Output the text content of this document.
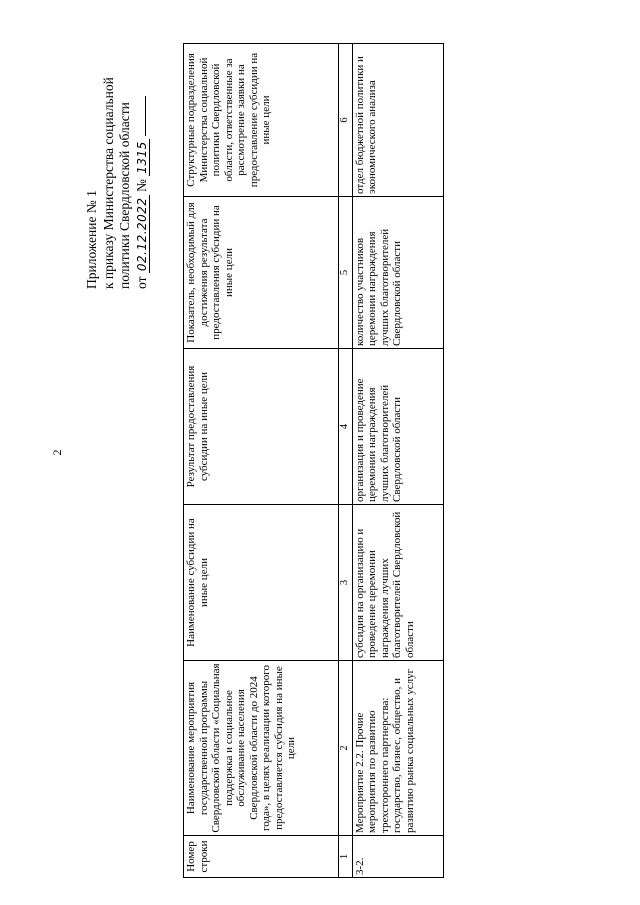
2
Приложение № 1 к приказу Министерства социальной политики Свердловской области от 02.12.2022 № 1315
Номер строки	Наименование мероприятия государственной программы Свердловской области «Социальная поддержка и социальное обслуживание населения Свердловской области до 2024 года», в целях реализации которого предоставляется субсидия на иные цели	Наименование субсидии на иные цели	Результат предоставления субсидии на иные цели	Показатель, необходимый для достижения результата предоставления субсидии на иные цели	Структурные подразделения Министерства социальной политики Свердловской области, ответственные за рассмотрение заявки на предоставление субсидии на иные цели
1	2	3	4	5	6
3-2.	Мероприятие 2.2. Прочие мероприятия по развитию трехстороннего партнерства: государство, бизнес, общество, и развитию рынка социальных услуг	субсидия на организацию и проведение церемонии награждения лучших благотворителей Свердловской области	организация и проведение церемонии награждения лучших благотворителей Свердловской области	количество участников церемонии награждения лучших благотворителей Свердловской области	отдел бюджетной политики и экономического анализа
